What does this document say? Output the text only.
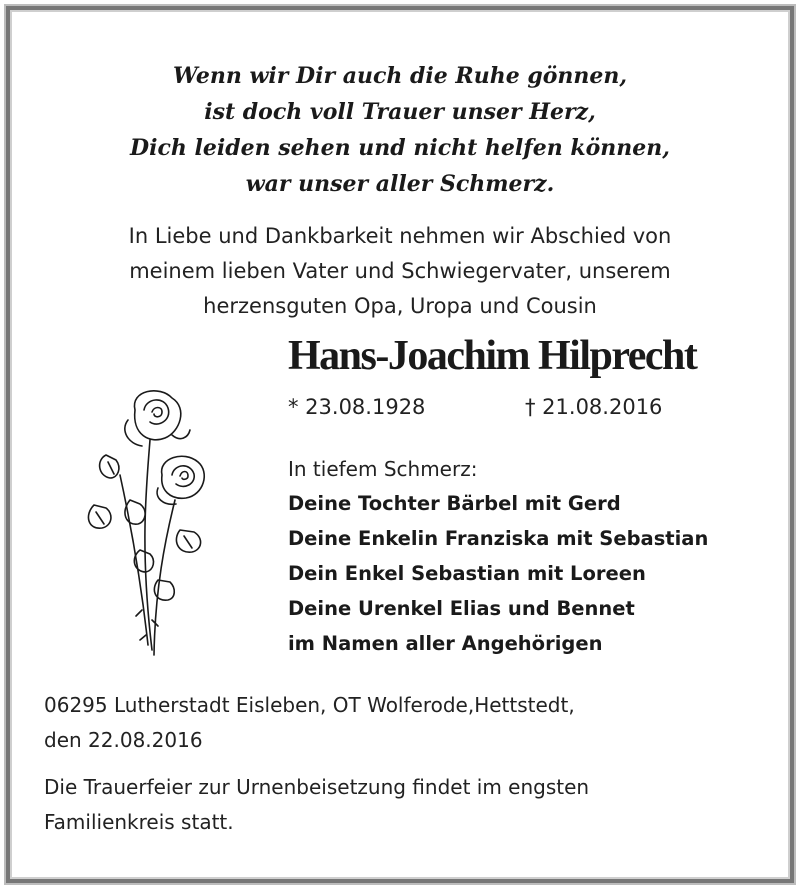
Wenn wir Dir auch die Ruhe gönnen,
ist doch voll Trauer unser Herz,
Dich leiden sehen und nicht helfen können,
war unser aller Schmerz.
In Liebe und Dankbarkeit nehmen wir Abschied von
meinem lieben Vater und Schwiegervater, unserem
herzensguten Opa, Uropa und Cousin
Hans-Joachim Hilprecht
* 23.08.1928	† 21.08.2016
In tiefem Schmerz:
Deine Tochter Bärbel mit Gerd
Deine Enkelin Franziska mit Sebastian
Dein Enkel Sebastian mit Loreen
Deine Urenkel Elias und Bennet
im Namen aller Angehörigen
06295 Lutherstadt Eisleben, OT Wolferode,Hettstedt,
den 22.08.2016
Die Trauerfeier zur Urnenbeisetzung findet im engsten
Familienkreis statt.
